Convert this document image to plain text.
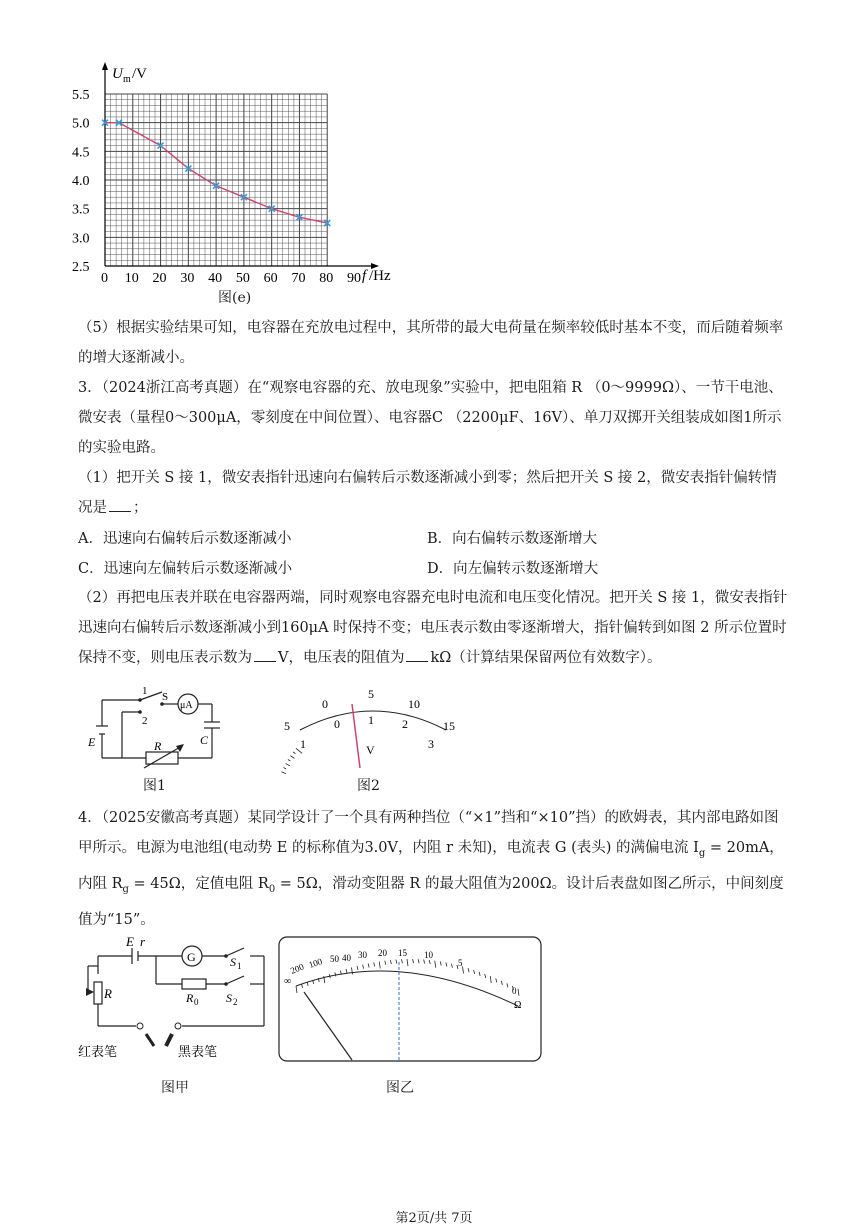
U m /V
f /Hz
5.5
5.0
4.5
4.0
3.5
3.0
2.5
0 10 20 30 40 50 60 70 80 90
图(e)
（5）根据实验结果可知，电容器在充放电过程中，其所带的最大电荷量在频率较低时基本不变，而后随着频率的增大逐渐减小。
3．（2024浙江高考真题）在“观察电容器的充、放电现象”实验中，把电阻箱 R （0～9999Ω）、一节干电池、微安表（量程0～300μA，零刻度在中间位置）、电容器C （2200μF、16V）、单刀双掷开关组装成如图1所示的实验电路。
（1）把开关 S 接 1，微安表指针迅速向右偏转后示数逐渐减小到零；然后把开关 S 接 2，微安表指针偏转情况是 ；
A．迅速向右偏转后示数逐渐减小	B．向右偏转示数逐渐增大
C．迅速向左偏转后示数逐渐减小	D．向左偏转示数逐渐增大
（2）再把电压表并联在电容器两端，同时观察电容器充电时电流和电压变化情况。把开关 S 接 1，微安表指针迅速向右偏转后示数逐渐减小到160μA 时保持不变；电压表示数由零逐渐增大，指针偏转到如图 2 所示位置时保持不变，则电压表示数为 V，电压表的阻值为 kΩ（计算结果保留两位有效数字）。
1
2
S
μA
E	R	C
图1
5
1
0
5
10
15
0 1 2
3
V
图2
4．（2025安徽高考真题）某同学设计了一个具有两种挡位（“×1”挡和“×10”挡）的欧姆表，其内部电路如图甲所示。电源为电池组(电动势 E 的标称值为3.0V，内阻 r 未知)，电流表 G (表头) 的满偏电流 $I_g = 20mA$，内阻 $R_g = 45\Omega$，定值电阻 $R_0 = 5\Omega$，滑动变阻器 R 的最大阻值为200Ω。设计后表盘如图乙所示，中间刻度值为“15”。
E r
G	S 1
R	R 0 S 2
红表笔	黑表笔
图甲
∞
200 100 50 40 30 20 15 10
5
0
Ω
图乙
第2页/共 7页
